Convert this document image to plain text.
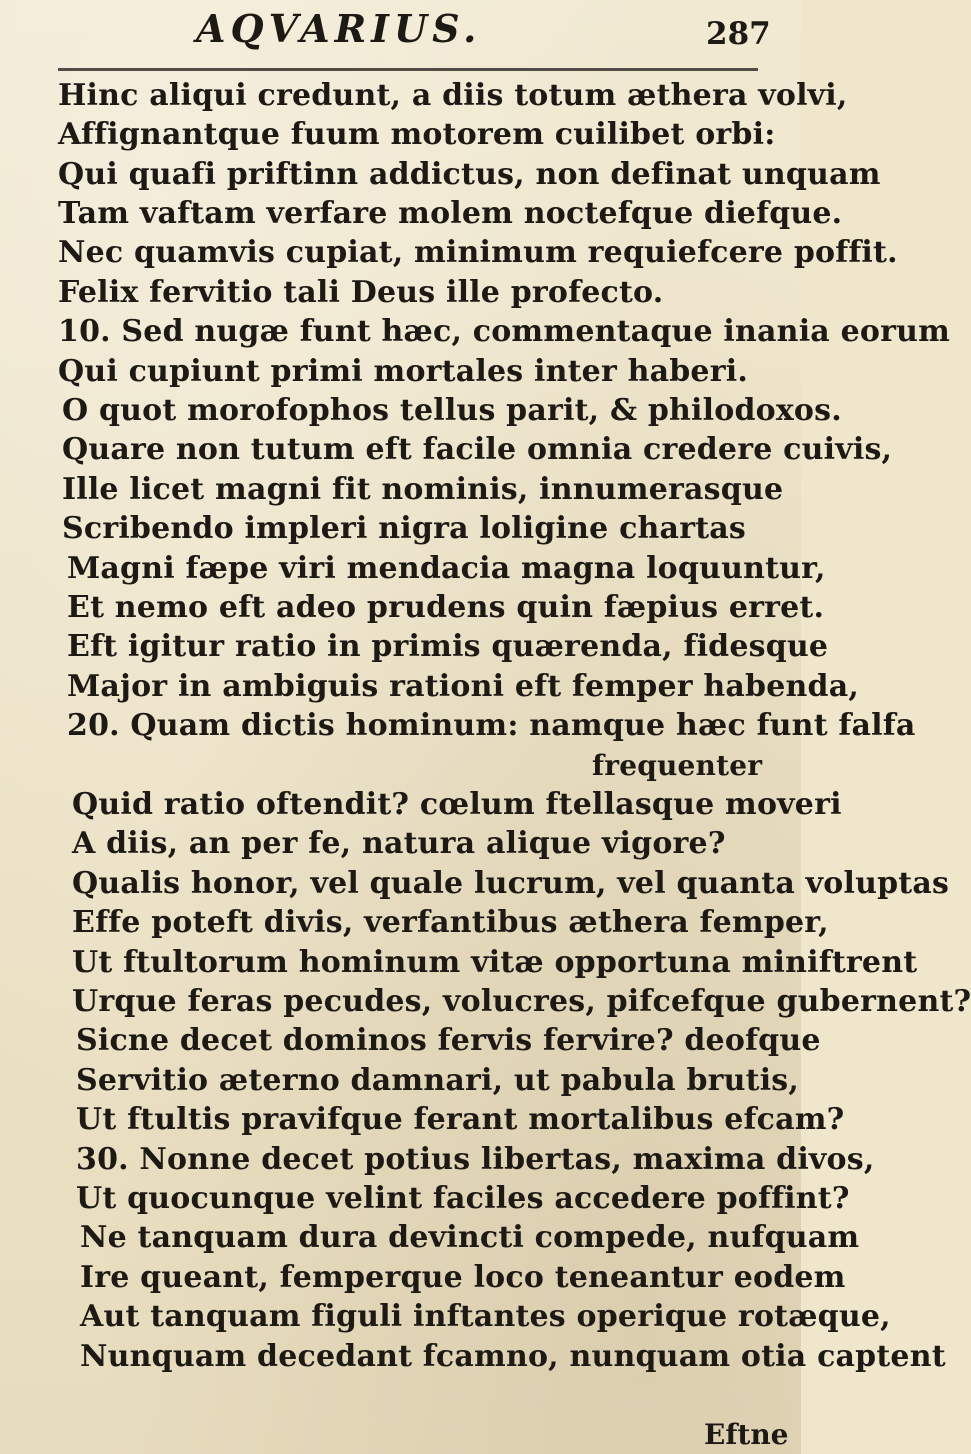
AQVARIUS.	287
Hinc aliqui credunt, a diis totum æthera volvi,
Affignantque fuum motorem cuilibet orbi:
Qui quafi priftinn addictus, non definat unquam
Tam vaftam verfare molem noctefque diefque.
Nec quamvis cupiat, minimum requiefcere poffit.
Felix fervitio tali Deus ille profecto.
10. Sed nugæ funt hæc, commentaque inania eorum
Qui cupiunt primi mortales inter haberi.
O quot morofophos tellus parit, & philodoxos.
Quare non tutum eft facile omnia credere cuivis,
Ille licet magni fit nominis, innumerasque
Scribendo impleri nigra loligine chartas
Magni fæpe viri mendacia magna loquuntur,
Et nemo eft adeo prudens quin fæpius erret.
Eft igitur ratio in primis quærenda, fidesque
Major in ambiguis rationi eft femper habenda,
20. Quam dictis hominum: namque hæc funt falfa
frequenter
Quid ratio oftendit? cœlum ftellasque moveri
A diis, an per fe, natura alique vigore?
Qualis honor, vel quale lucrum, vel quanta voluptas
Effe poteft divis, verfantibus æthera femper,
Ut ftultorum hominum vitæ opportuna miniftrent
Urque feras pecudes, volucres, pifcefque gubernent?
Sicne decet dominos fervis fervire? deofque
Servitio æterno damnari, ut pabula brutis,
Ut ftultis pravifque ferant mortalibus efcam?
30. Nonne decet potius libertas, maxima divos,
Ut quocunque velint faciles accedere poffint?
Ne tanquam dura devincti compede, nufquam
Ire queant, femperque loco teneantur eodem
Aut tanquam figuli inftantes operique rotæque,
Nunquam decedant fcamno, nunquam otia captent
Eftne
